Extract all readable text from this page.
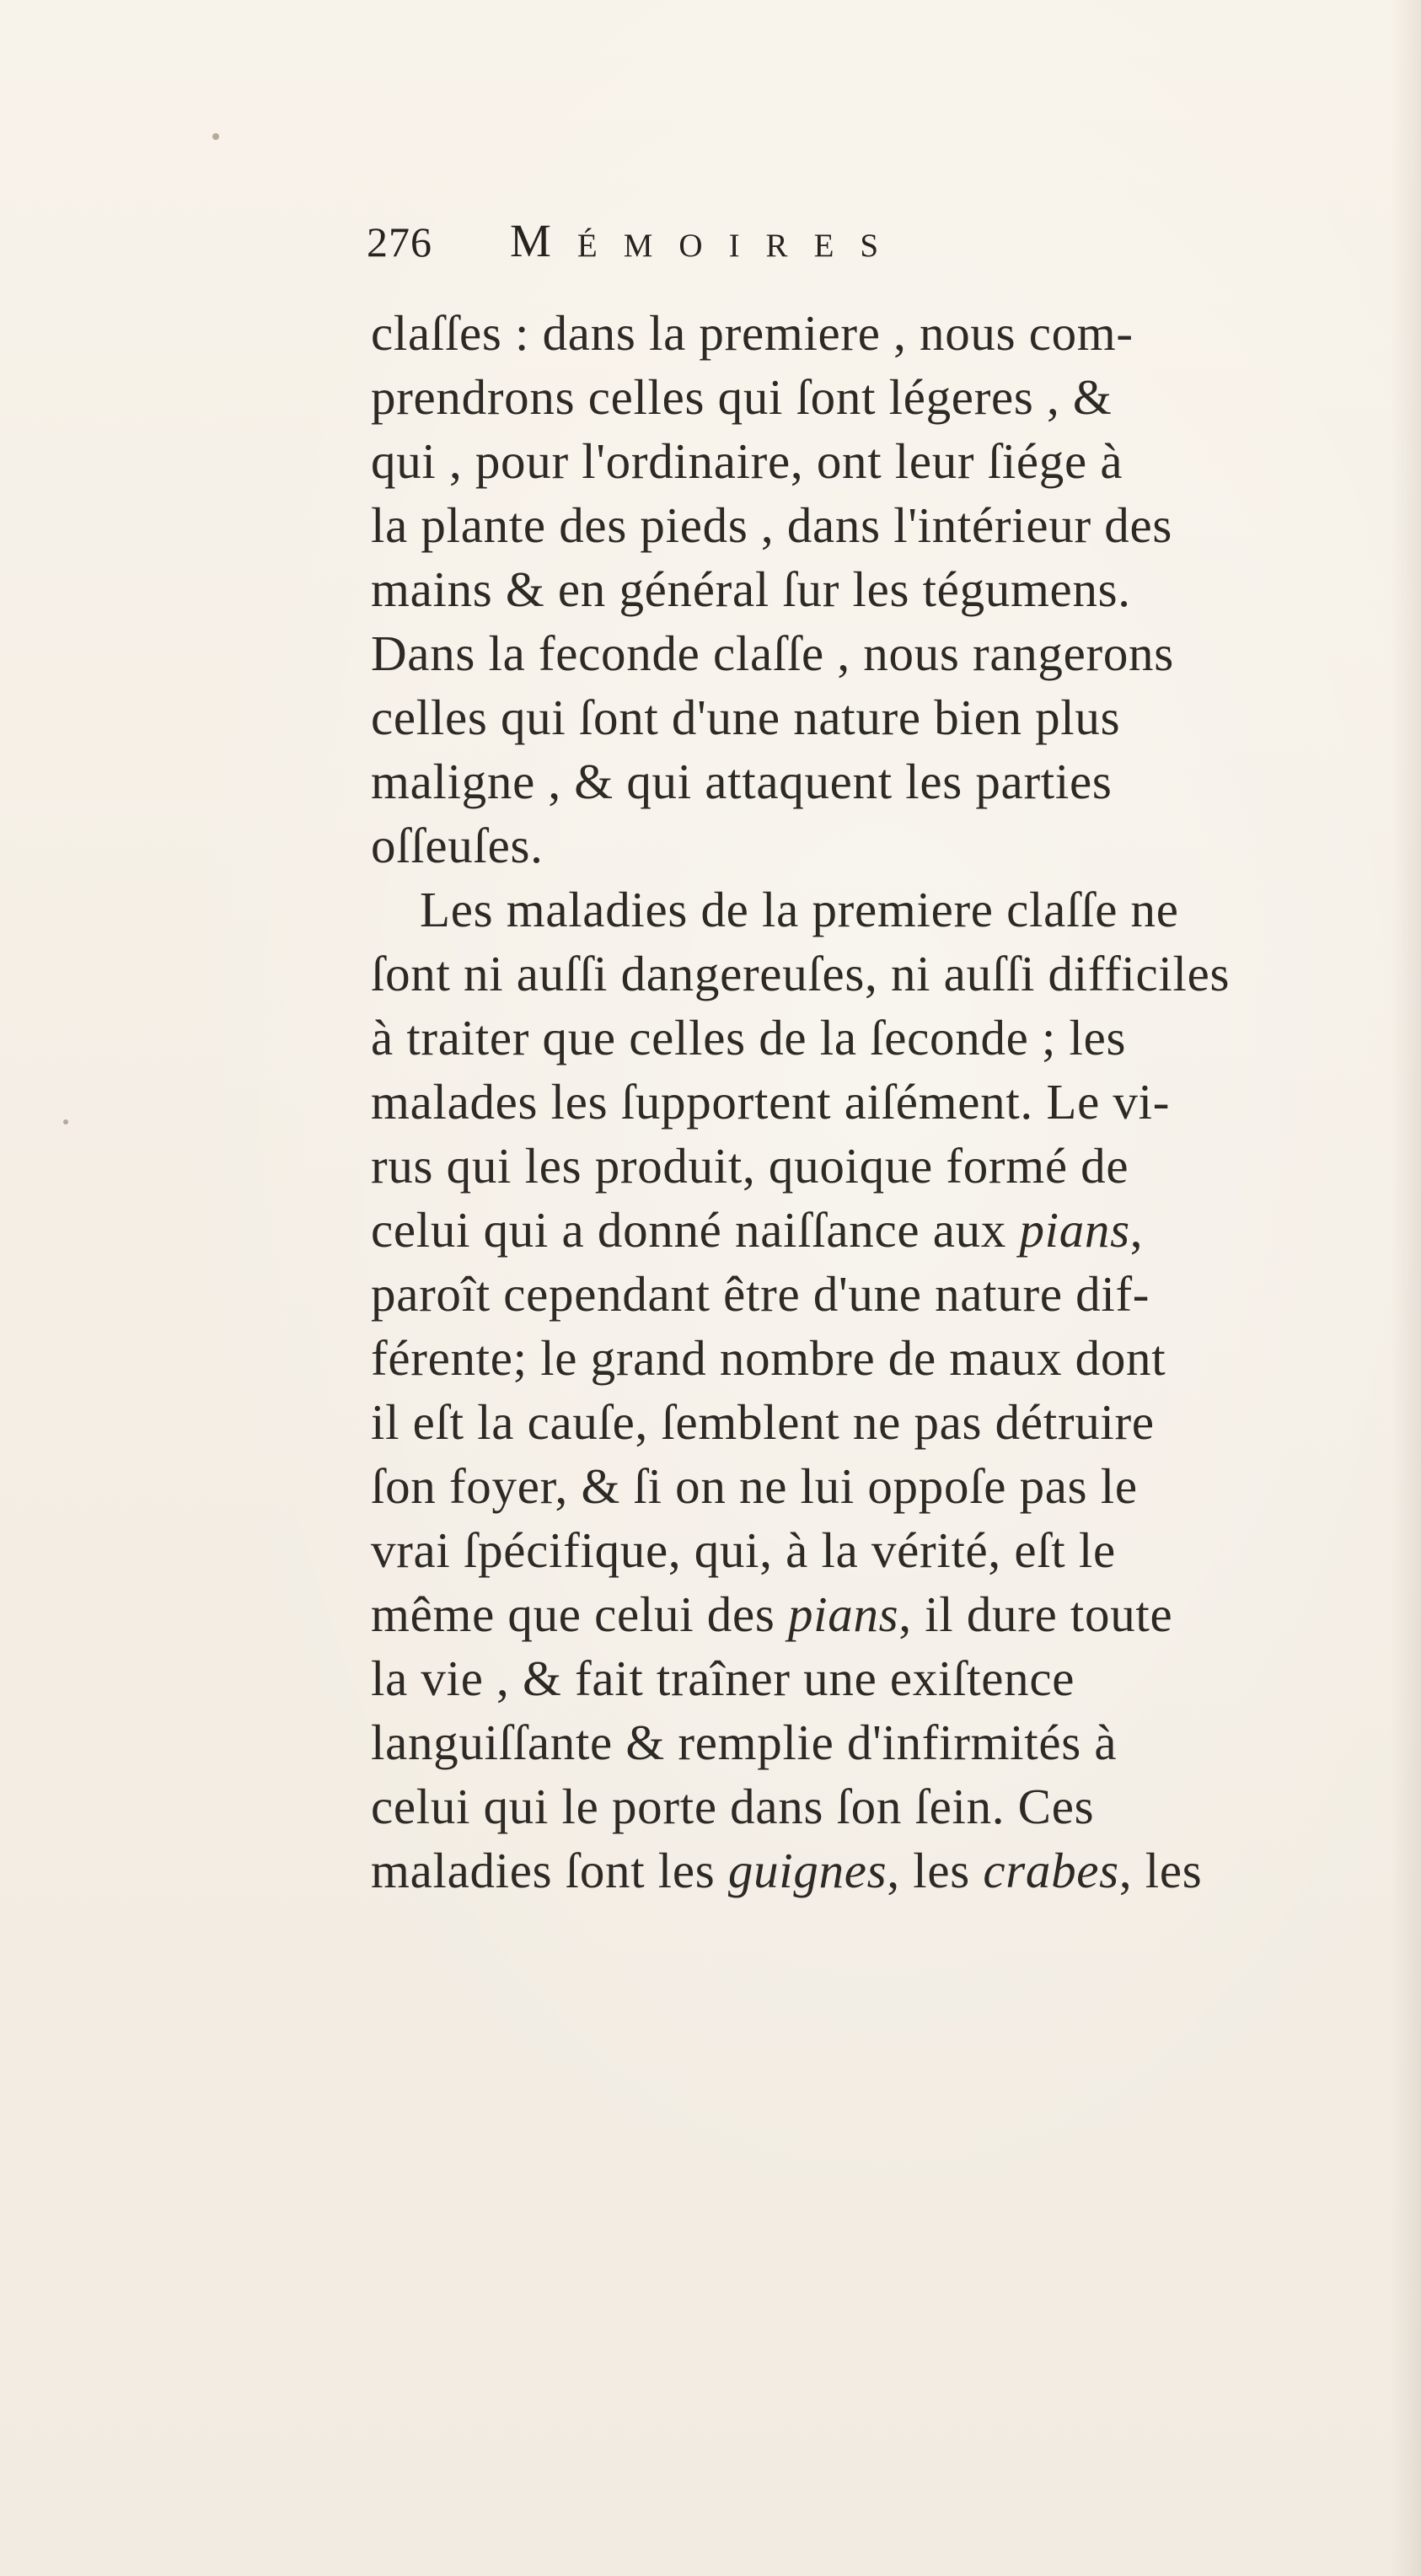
276	Mémoires
claſſes : dans la premiere , nous com-
prendrons celles qui ſont légeres , &
qui , pour l'ordinaire, ont leur ſiége à
la plante des pieds , dans l'intérieur des
mains & en général ſur les tégumens.
Dans la feconde claſſe , nous rangerons
celles qui ſont d'une nature bien plus
maligne , & qui attaquent les parties
oſſeuſes.
Les maladies de la premiere claſſe ne
ſont ni auſſi dangereuſes, ni auſſi difficiles
à traiter que celles de la ſeconde ; les
malades les ſupportent aiſément. Le vi-
rus qui les produit, quoique formé de
celui qui a donné naiſſance aux pians,
paroît cependant être d'une nature dif-
férente; le grand nombre de maux dont
il eſt la cauſe, ſemblent ne pas détruire
ſon foyer, & ſi on ne lui oppoſe pas le
vrai ſpécifique, qui, à la vérité, eſt le
même que celui des pians, il dure toute
la vie , & fait traîner une exiſtence
languiſſante & remplie d'infirmités à
celui qui le porte dans ſon ſein. Ces
maladies ſont les guignes, les crabes, les
